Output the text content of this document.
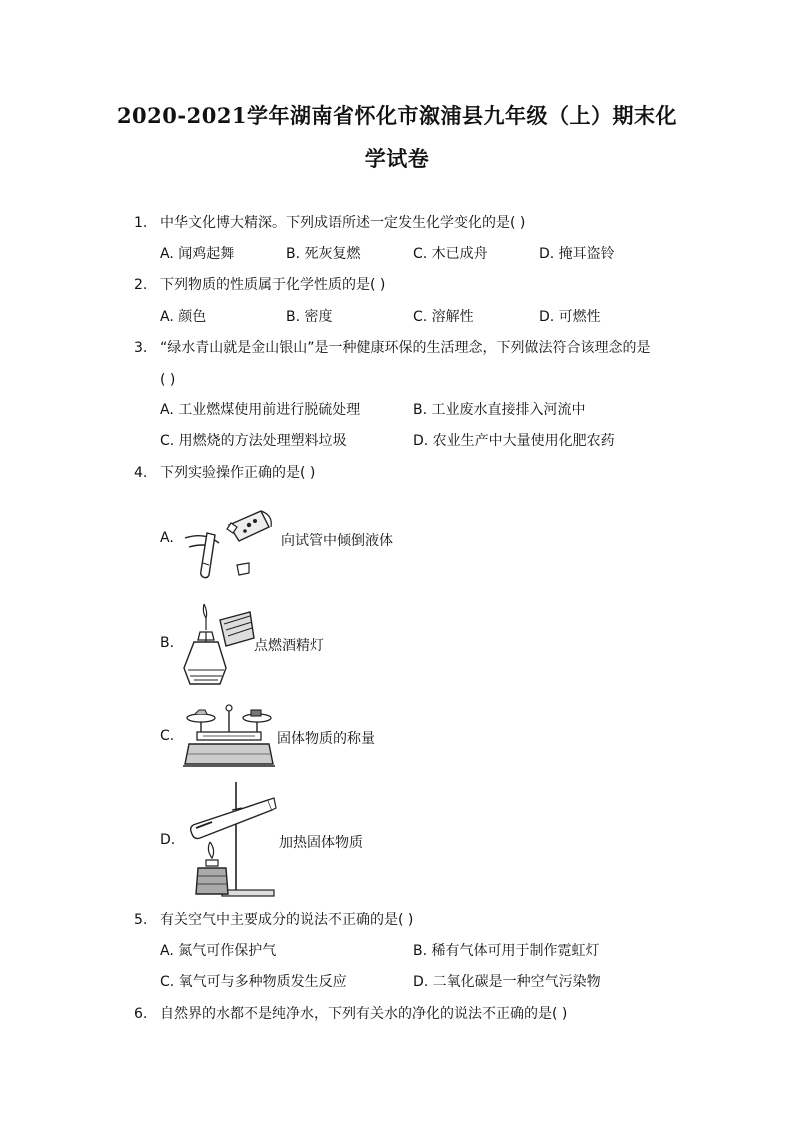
2020-2021学年湖南省怀化市溆浦县九年级（上）期末化
学试卷
1. 中华文化博大精深。下列成语所述一定发生化学变化的是( )
A. 闻鸡起舞	B. 死灰复燃	C. 木已成舟	D. 掩耳盗铃
2. 下列物质的性质属于化学性质的是( )
A. 颜色	B. 密度	C. 溶解性	D. 可燃性
3. “绿水青山就是金山银山”是一种健康环保的生活理念，下列做法符合该理念的是
( )
A. 工业燃煤使用前进行脱硫处理	B. 工业废水直接排入河流中
C. 用燃烧的方法处理塑料垃圾	D. 农业生产中大量使用化肥农药
4. 下列实验操作正确的是( )
A.	向试管中倾倒液体
B.	点燃酒精灯
C.	固体物质的称量
D.	加热固体物质
5. 有关空气中主要成分的说法不正确的是( )
A. 氮气可作保护气	B. 稀有气体可用于制作霓虹灯
C. 氧气可与多种物质发生反应	D. 二氧化碳是一种空气污染物
6. 自然界的水都不是纯净水，下列有关水的净化的说法不正确的是( )
